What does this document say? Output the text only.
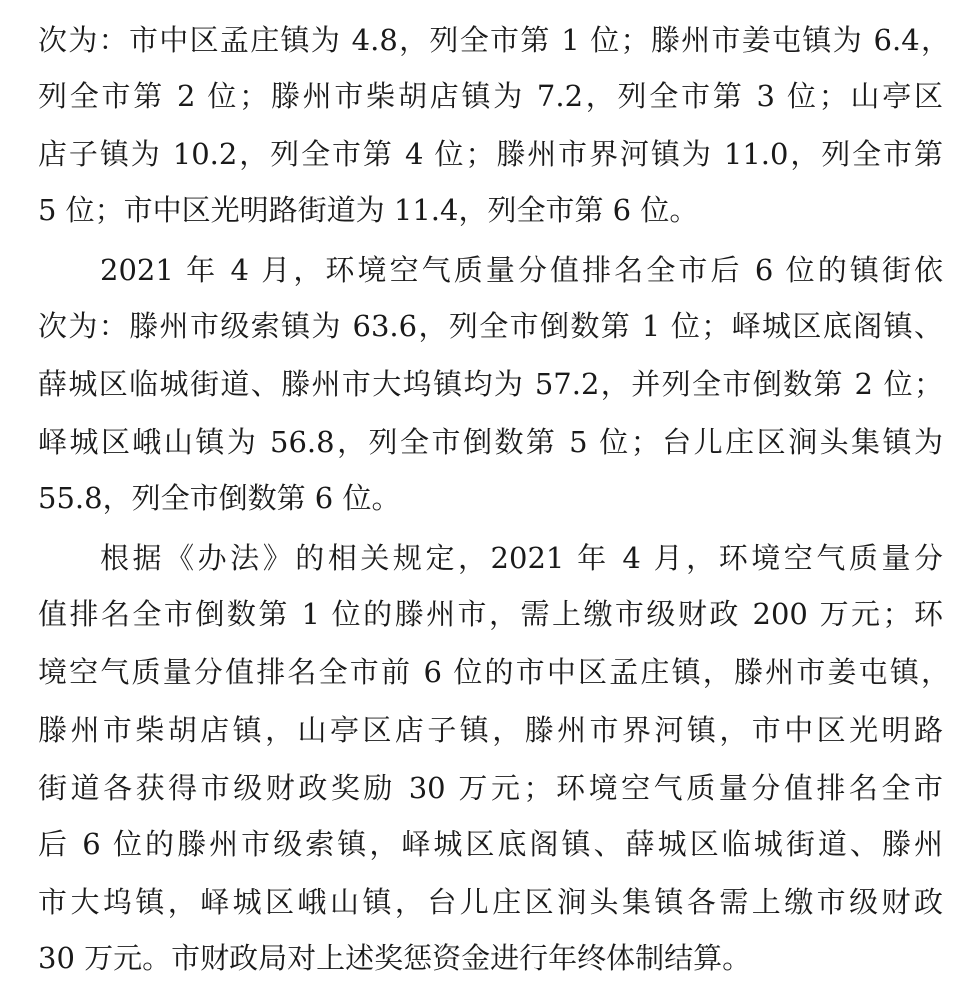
次为：市中区孟庄镇为 4.8，列全市第 1 位；滕州市姜屯镇为 6.4，
列全市第 2 位；滕州市柴胡店镇为 7.2，列全市第 3 位；山亭区
店子镇为 10.2，列全市第 4 位；滕州市界河镇为 11.0，列全市第
5 位；市中区光明路街道为 11.4，列全市第 6 位。
2021 年 4 月，环境空气质量分值排名全市后 6 位的镇街依
次为：滕州市级索镇为 63.6，列全市倒数第 1 位；峄城区底阁镇、
薛城区临城街道、滕州市大坞镇均为 57.2，并列全市倒数第 2 位；
峄城区峨山镇为 56.8，列全市倒数第 5 位；台儿庄区涧头集镇为
55.8，列全市倒数第 6 位。
根据《办法》的相关规定，2021 年 4 月，环境空气质量分
值排名全市倒数第 1 位的滕州市，需上缴市级财政 200 万元；环
境空气质量分值排名全市前 6 位的市中区孟庄镇，滕州市姜屯镇，
滕州市柴胡店镇，山亭区店子镇，滕州市界河镇，市中区光明路
街道各获得市级财政奖励 30 万元；环境空气质量分值排名全市
后 6 位的滕州市级索镇，峄城区底阁镇、薛城区临城街道、滕州
市大坞镇，峄城区峨山镇，台儿庄区涧头集镇各需上缴市级财政
30 万元。市财政局对上述奖惩资金进行年终体制结算。
